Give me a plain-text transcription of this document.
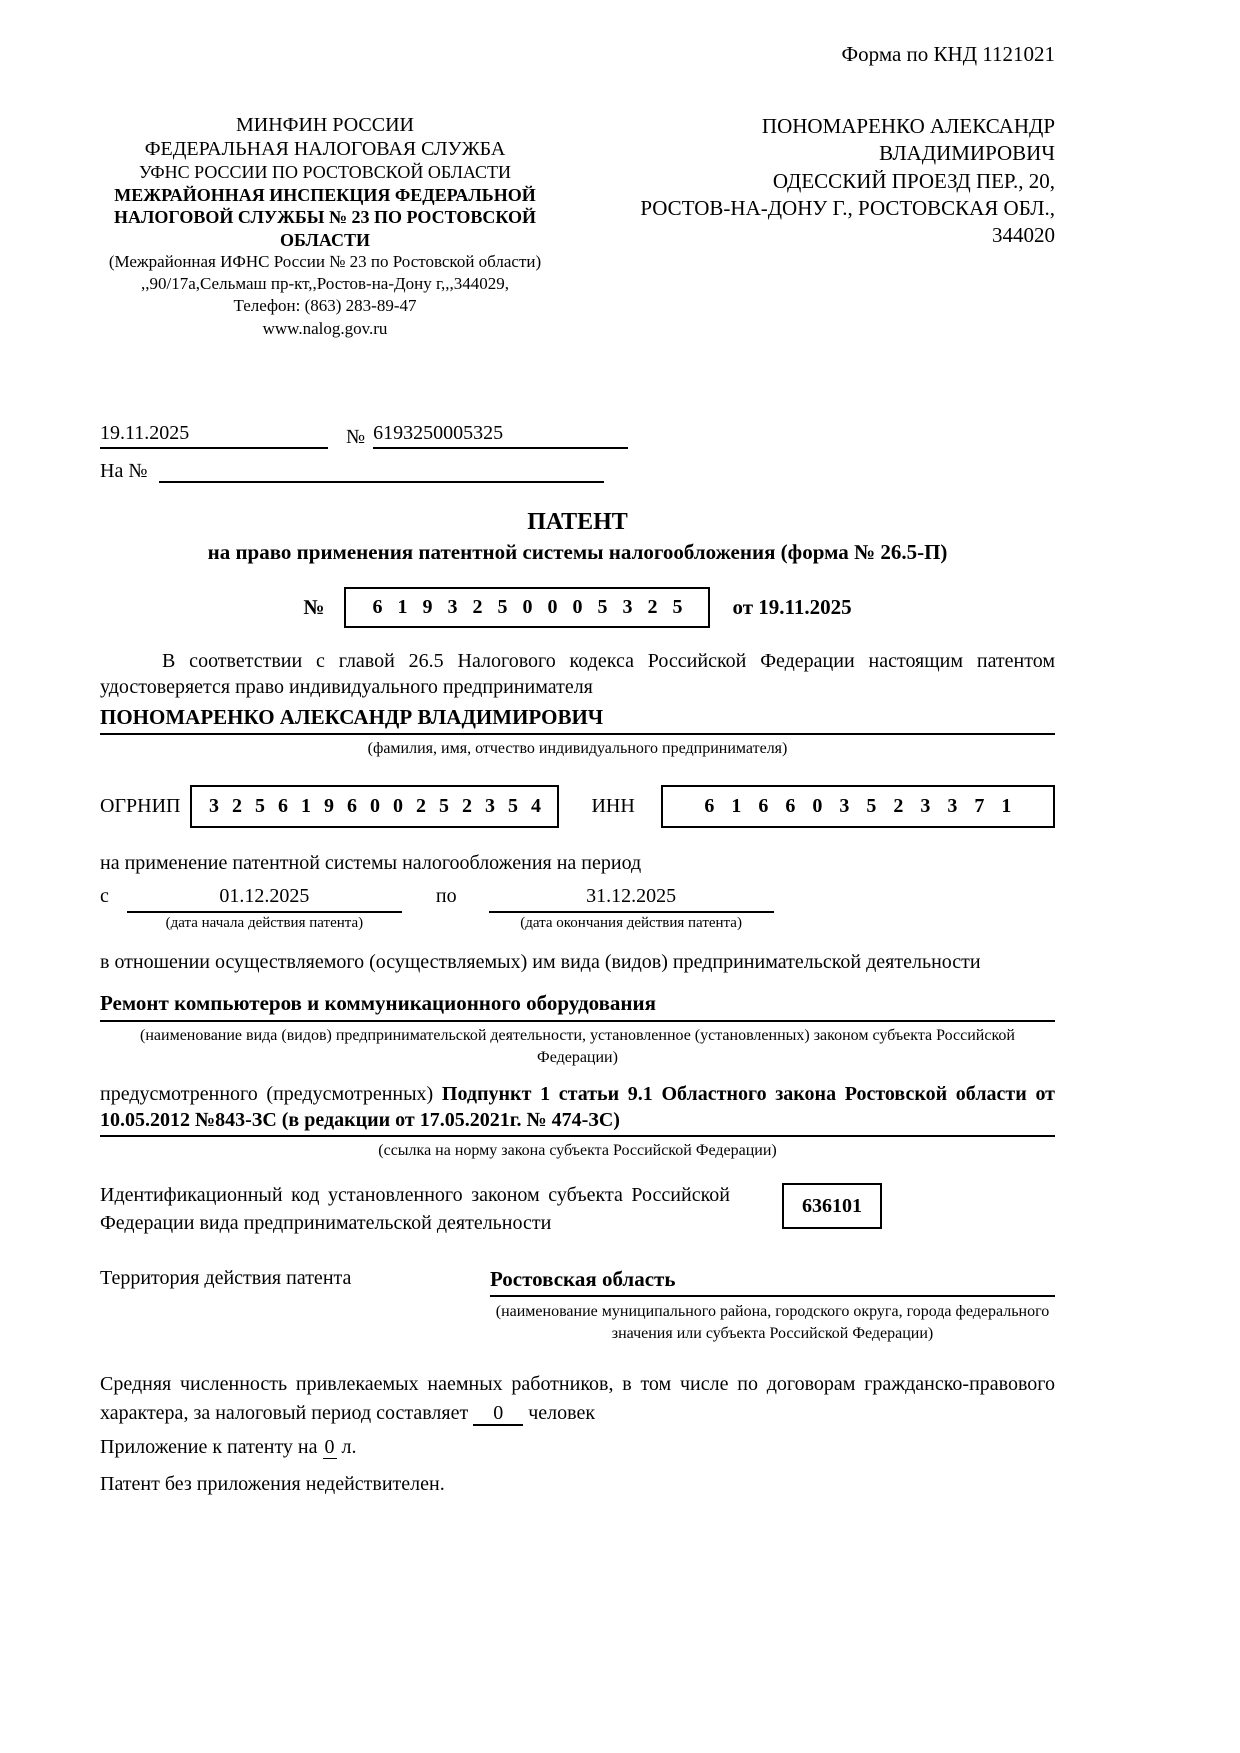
Форма по КНД 1121021
МИНФИН РОССИИ
ФЕДЕРАЛЬНАЯ НАЛОГОВАЯ СЛУЖБА
УФНС РОССИИ ПО РОСТОВСКОЙ ОБЛАСТИ
МЕЖРАЙОННАЯ ИНСПЕКЦИЯ ФЕДЕРАЛЬНОЙ НАЛОГОВОЙ СЛУЖБЫ № 23 ПО РОСТОВСКОЙ ОБЛАСТИ
(Межрайонная ИФНС России № 23 по Ростовской области)
,,90/17а,Сельмаш пр-кт,,Ростов-на-Дону г,,,344029,
Телефон: (863) 283-89-47
www.nalog.gov.ru
ПОНОМАРЕНКО АЛЕКСАНДР
ВЛАДИМИРОВИЧ
ОДЕССКИЙ ПРОЕЗД ПЕР., 20,
РОСТОВ-НА-ДОНУ Г., РОСТОВСКАЯ ОБЛ.,
344020
19.11.2025	№ 6193250005325
На №
ПАТЕНТ
на право применения патентной системы налогообложения (форма № 26.5-П)
№	6 1 9 3 2 5 0 0 0 5 3 2 5	от 19.11.2025

В соответствии с главой 26.5 Налогового кодекса Российской Федерации настоящим патентом удостоверяется право индивидуального предпринимателя

ПОНОМАРЕНКО АЛЕКСАНДР ВЛАДИМИРОВИЧ
(фамилия, имя, отчество индивидуального предпринимателя)
ОГРНИП	3 2 5 6 1 9 6 0 0 2 5 2 3 5 4	ИНН	6 1 6 6 0 3 5 2 3 3 7 1
на применение патентной системы налогообложения на период
с	01.12.2025
(дата начала действия патента)
по	31.12.2025
(дата окончания действия патента)

в отношении осуществляемого (осуществляемых) им вида (видов) предпринимательской деятельности

Ремонт компьютеров и коммуникационного оборудования
(наименование вида (видов) предпринимательской деятельности, установленное (установленных) законом субъекта Российской Федерации)

предусмотренного (предусмотренных) Подпункт 1 статьи 9.1 Областного закона Ростовской области от 10.05.2012 №843-ЗС (в редакции от 17.05.2021г. № 474-ЗС)

(ссылка на норму закона субъекта Российской Федерации)
Идентификационный код установленного законом субъекта Российской Федерации вида предпринимательской деятельности
636101
Территория действия патента	Ростовская область
(наименование муниципального района, городского округа, города федерального значения или субъекта Российской Федерации)

Средняя численность привлекаемых наемных работников, в том числе по договорам гражданско-правового характера, за налоговый период составляет 0 человек

Приложение к патенту на 0 л.

Патент без приложения недействителен.
